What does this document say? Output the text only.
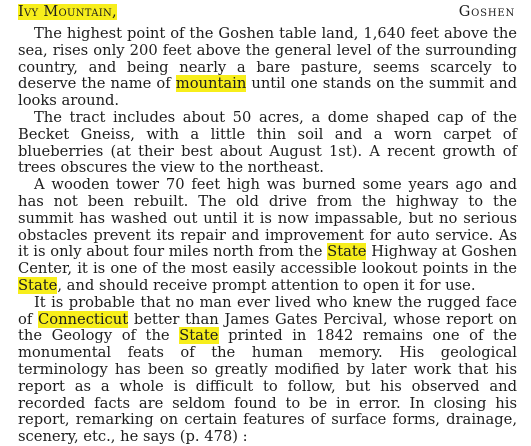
Ivy Mountain,	Goshen

The highest point of the Goshen table land, 1,640 feet above the sea, rises only 200 feet above the general level of the surrounding country, and being nearly a bare pasture, seems scarcely to deserve the name of mountain until one stands on the summit and looks around.

The tract includes about 50 acres, a dome shaped cap of the Becket Gneiss, with a little thin soil and a worn carpet of blueberries (at their best about August 1st). A recent growth of trees obscures the view to the northeast.

A wooden tower 70 feet high was burned some years ago and has not been rebuilt. The old drive from the highway to the summit has washed out until it is now impassable, but no serious obstacles prevent its repair and improvement for auto service. As it is only about four miles north from the State Highway at Goshen Center, it is one of the most easily accessible lookout points in the State, and should receive prompt attention to open it for use.

It is probable that no man ever lived who knew the rugged face of Connecticut better than James Gates Percival, whose report on the Geology of the State printed in 1842 remains one of the monumental feats of the human memory. His geological terminology has been so greatly modified by later work that his report as a whole is difficult to follow, but his observed and recorded facts are seldom found to be in error. In closing his report, remarking on certain features of surface forms, drainage, scenery, etc., he says (p. 478) :
